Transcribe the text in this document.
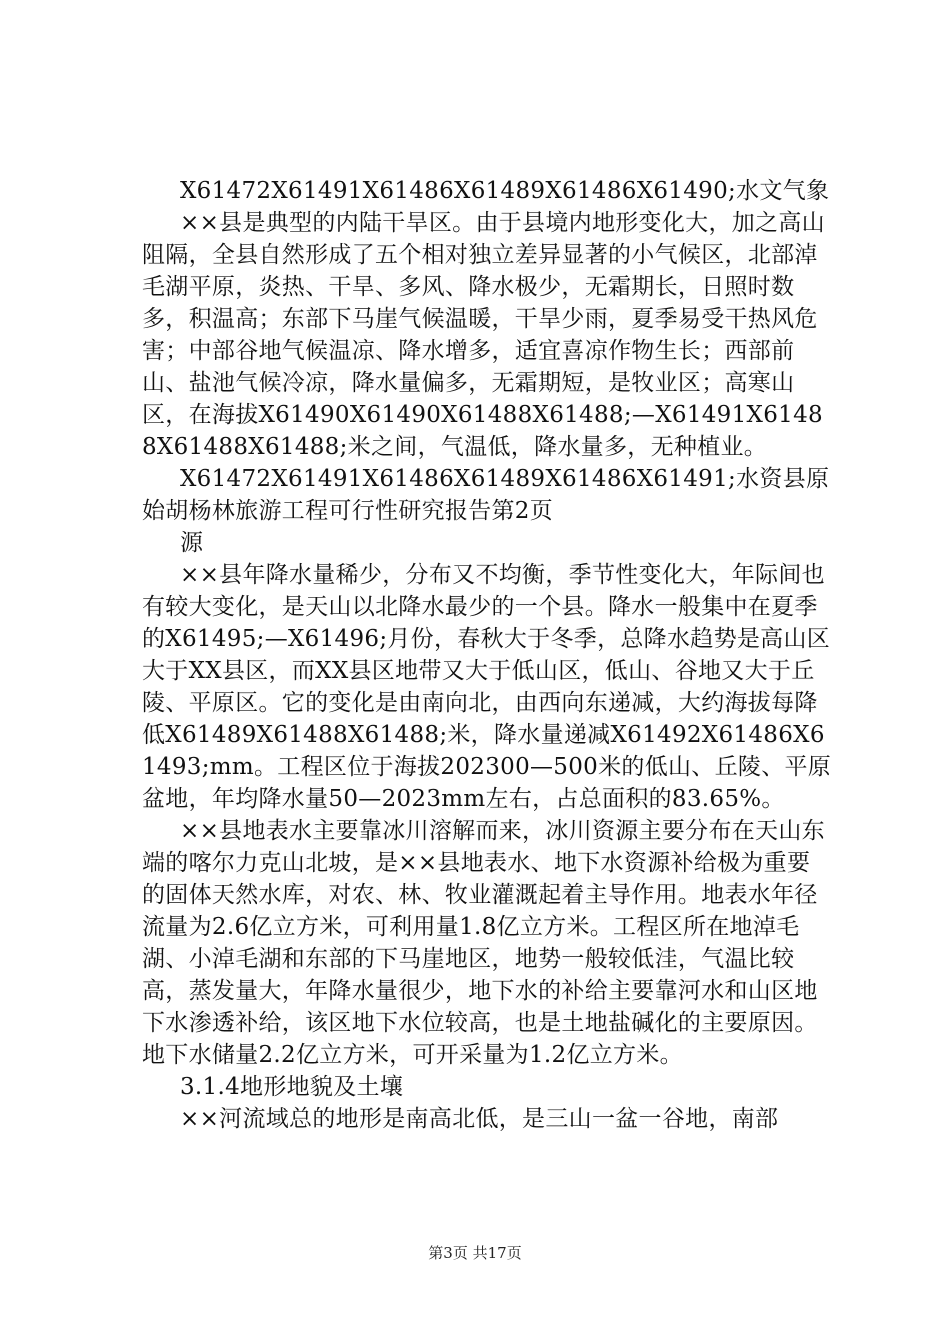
X61472X61491X61486X61489X61486X61490;水文气象

××县是典型的内陆干旱区。由于县境内地形变化大，加之高山阻隔，全县自然形成了五个相对独立差异显著的小气候区，北部淖毛湖平原，炎热、干旱、多风、降水极少，无霜期长，日照时数多，积温高；东部下马崖气候温暖，干旱少雨，夏季易受干热风危害；中部谷地气候温凉、降水增多，适宜喜凉作物生长；西部前山、盐池气候冷凉，降水量偏多，无霜期短，是牧业区；高寒山区，在海拔X61490X61490X61488X61488;—X61491X61488X61488X61488;米之间，气温低，降水量多，无种植业。

X61472X61491X61486X61489X61486X61491;水资县原始胡杨林旅游工程可行性研究报告第2页

源

××县年降水量稀少，分布又不均衡，季节性变化大，年际间也有较大变化，是天山以北降水最少的一个县。降水一般集中在夏季的X61495;—X61496;月份，春秋大于冬季，总降水趋势是高山区大于XX县区，而XX县区地带又大于低山区，低山、谷地又大于丘陵、平原区。它的变化是由南向北，由西向东递减，大约海拔每降低X61489X61488X61488;米，降水量递减X61492X61486X61493;mm。工程区位于海拔202300—500米的低山、丘陵、平原盆地，年均降水量50—2023mm左右，占总面积的83.65%。

××县地表水主要靠冰川溶解而来，冰川资源主要分布在天山东端的喀尔力克山北坡，是××县地表水、地下水资源补给极为重要的固体天然水库，对农、林、牧业灌溉起着主导作用。地表水年径流量为2.6亿立方米，可利用量1.8亿立方米。工程区所在地淖毛湖、小淖毛湖和东部的下马崖地区，地势一般较低洼，气温比较高，蒸发量大，年降水量很少，地下水的补给主要靠河水和山区地下水渗透补给，该区地下水位较高，也是土地盐碱化的主要原因。地下水储量2.2亿立方米，可开采量为1.2亿立方米。

3.1.4地形地貌及土壤

××河流域总的地形是南高北低，是三山一盆一谷地，南部

第3页 共17页
